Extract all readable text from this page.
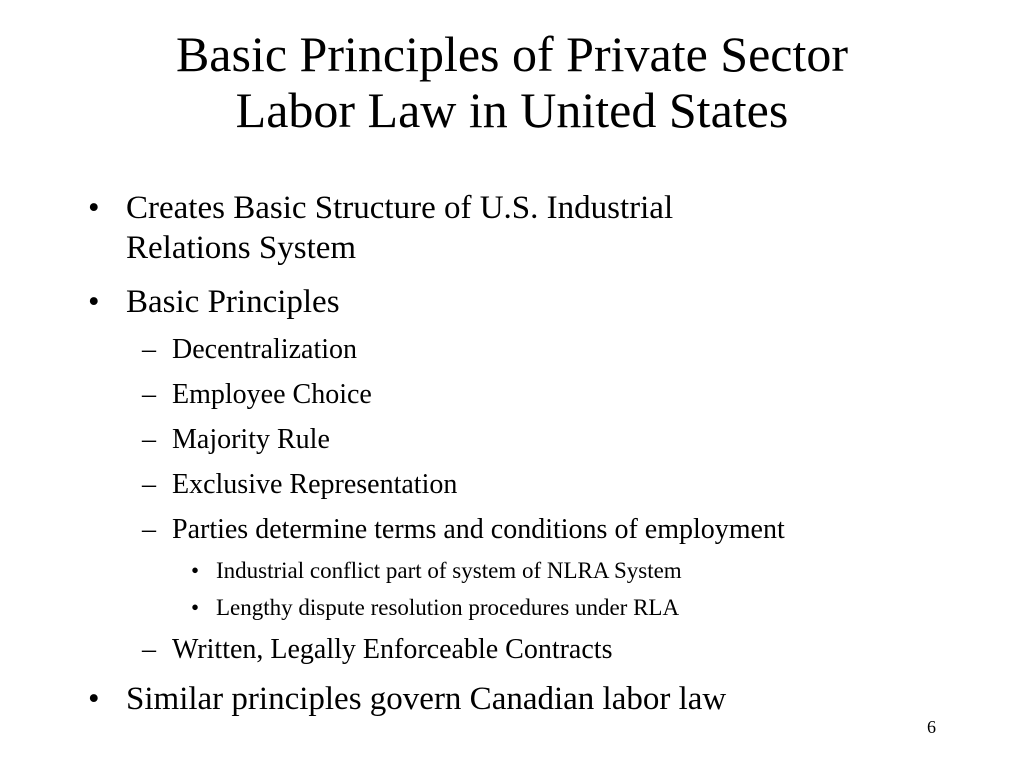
Basic Principles of Private Sector
Labor Law in United States
• Creates Basic Structure of U.S. Industrial
Relations System
• Basic Principles
– Decentralization
– Employee Choice
– Majority Rule
– Exclusive Representation
– Parties determine terms and conditions of employment
• Industrial conflict part of system of NLRA System
• Lengthy dispute resolution procedures under RLA
– Written, Legally Enforceable Contracts
• Similar principles govern Canadian labor law
6
